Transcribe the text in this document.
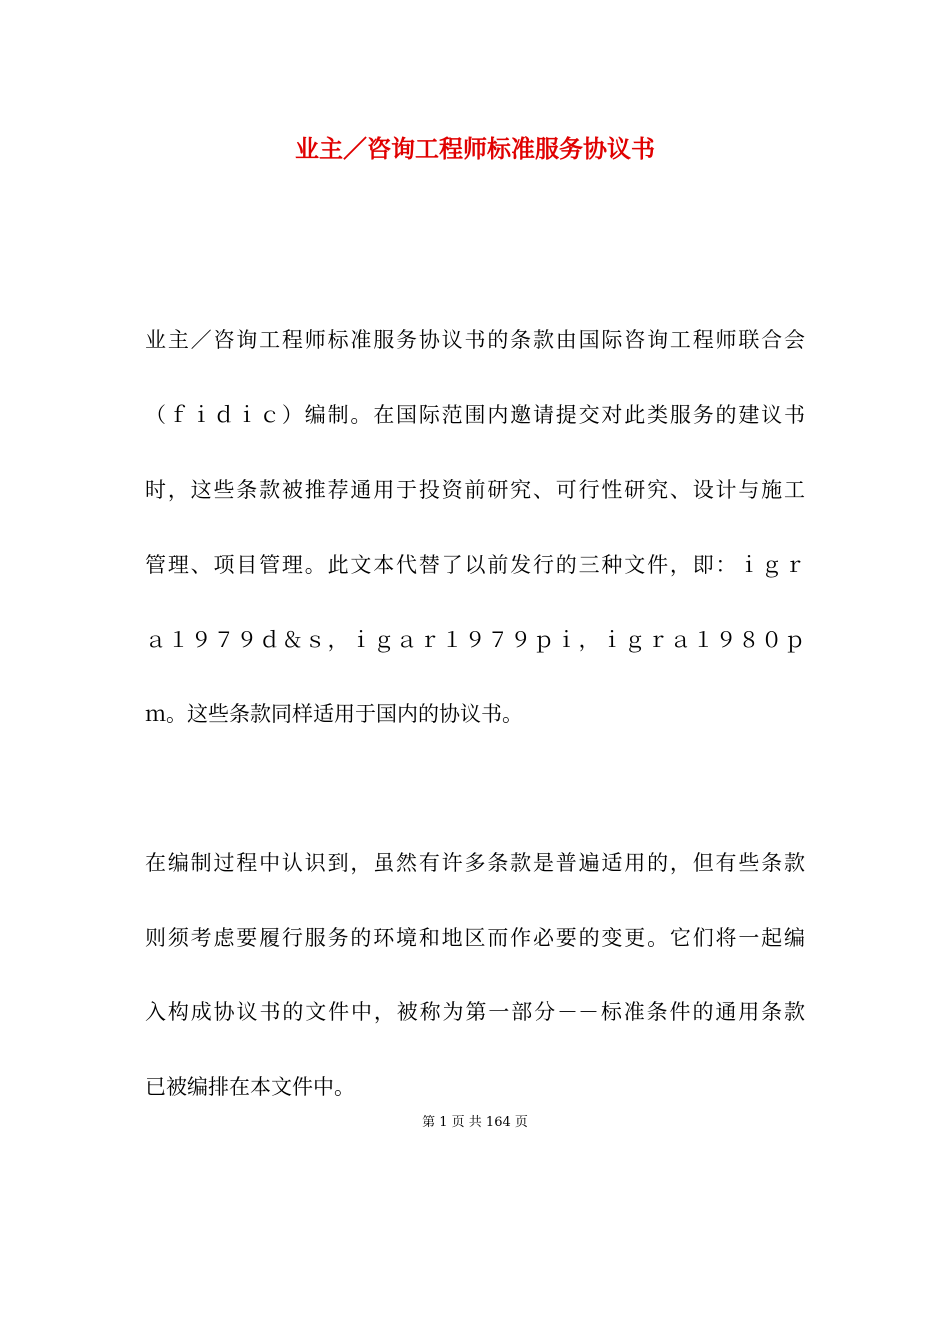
业主／咨询工程师标准服务协议书
业主／咨询工程师标准服务协议书的条款由国际咨询工程师联合会
（ｆｉｄｉｃ）编制。在国际范围内邀请提交对此类服务的建议书
时，这些条款被推荐通用于投资前研究、可行性研究、设计与施工
管理、项目管理。此文本代替了以前发行的三种文件，即：ｉｇｒ
ａ１９７９ｄ＆ｓ，ｉｇａｒ１９７９ｐｉ，ｉｇｒａ１９８０ｐ
ｍ。这些条款同样适用于国内的协议书。
在编制过程中认识到，虽然有许多条款是普遍适用的，但有些条款
则须考虑要履行服务的环境和地区而作必要的变更。它们将一起编
入构成协议书的文件中，被称为第一部分－－标准条件的通用条款
已被编排在本文件中。
第 1 页 共 164 页
